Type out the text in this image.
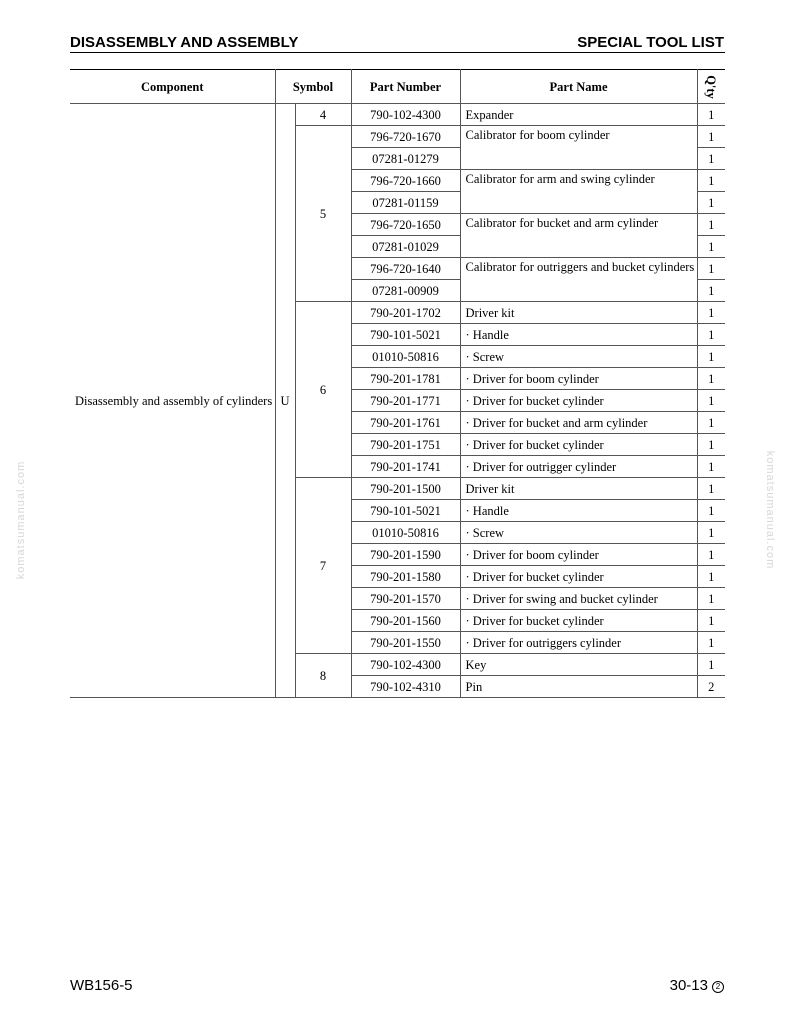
DISASSEMBLY AND ASSEMBLY	SPECIAL TOOL LIST
komatsumanual.com	komatsumanual.com
Component	Symbol		Part Number	Part Name	Q'ty
Disassembly and assembly of cylinders	U	4	790-102-4300	Expander	1
		5	796-720-1670	Calibrator for boom cylinder	1
			07281-01279		1
			796-720-1660	Calibrator for arm and swing cylinder	1
			07281-01159		1
			796-720-1650	Calibrator for bucket and arm cylinder	1
			07281-01029		1
			796-720-1640	Calibrator for outriggers and bucket cylinders	1
			07281-00909		1
		6	790-201-1702	Driver kit	1
			790-101-5021	· Handle	1
			01010-50816	· Screw	1
			790-201-1781	· Driver for boom cylinder	1
			790-201-1771	· Driver for bucket cylinder	1
			790-201-1761	· Driver for bucket and arm cylinder	1
			790-201-1751	· Driver for bucket cylinder	1
			790-201-1741	· Driver for outrigger cylinder	1
		7	790-201-1500	Driver kit	1
			790-101-5021	· Handle	1
			01010-50816	· Screw	1
			790-201-1590	· Driver for boom cylinder	1
			790-201-1580	· Driver for bucket cylinder	1
			790-201-1570	· Driver for swing and bucket cylinder	1
			790-201-1560	· Driver for bucket cylinder	1
			790-201-1550	· Driver for outriggers cylinder	1
		8	790-102-4300	Key	1
			790-102-4310	Pin	2
WB156-5	30-13 2
